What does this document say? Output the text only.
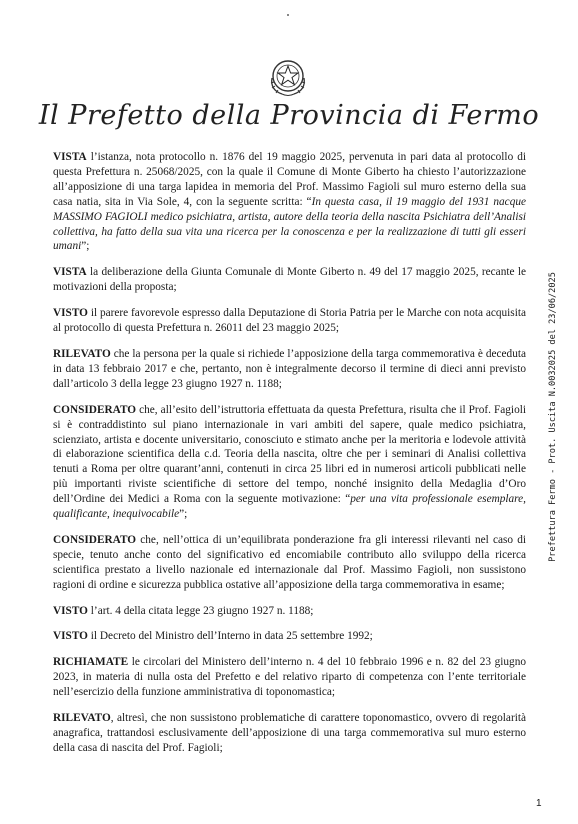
Il Prefetto della Provincia di Fermo

VISTA l’istanza, nota protocollo n. 1876 del 19 maggio 2025, pervenuta in pari data al protocollo di questa Prefettura n. 25068/2025, con la quale il Comune di Monte Giberto ha chiesto l’autorizzazione all’apposizione di una targa lapidea in memoria del Prof. Massimo Fagioli sul muro esterno della sua casa natia, sita in Via Sole, 4, con la seguente scritta: “In questa casa, il 19 maggio del 1931 nacque MASSIMO FAGIOLI medico psichiatra, artista, autore della teoria della nascita Psichiatra dell’Analisi collettiva, ha fatto della sua vita una ricerca per la conoscenza e per la realizzazione di tutti gli esseri umani”;

VISTA la deliberazione della Giunta Comunale di Monte Giberto n. 49 del 17 maggio 2025, recante le motivazioni della proposta;

VISTO il parere favorevole espresso dalla Deputazione di Storia Patria per le Marche con nota acquisita al protocollo di questa Prefettura n. 26011 del 23 maggio 2025;

RILEVATO che la persona per la quale si richiede l’apposizione della targa commemorativa è deceduta in data 13 febbraio 2017 e che, pertanto, non è integralmente decorso il termine di dieci anni previsto dall’articolo 3 della legge 23 giugno 1927 n. 1188;

CONSIDERATO che, all’esito dell’istruttoria effettuata da questa Prefettura, risulta che il Prof. Fagioli si è contraddistinto sul piano internazionale in vari ambiti del sapere, quale medico psichiatra, scienziato, artista e docente universitario, conosciuto e stimato anche per la meritoria e lodevole attività di elaborazione scientifica della c.d. Teoria della nascita, oltre che per i seminari di Analisi collettiva tenuti a Roma per oltre quarant’anni, contenuti in circa 25 libri ed in numerosi articoli pubblicati nelle più importanti riviste scientifiche di settore del tempo, nonché insignito della Medaglia d’Oro dell’Ordine dei Medici a Roma con la seguente motivazione: “per una vita professionale esemplare, qualificante, inequivocabile”;

CONSIDERATO che, nell’ottica di un’equilibrata ponderazione fra gli interessi rilevanti nel caso di specie, tenuto anche conto del significativo ed encomiabile contributo allo sviluppo della ricerca scientifica prestato a livello nazionale ed internazionale dal Prof. Massimo Fagioli, non sussistono ragioni di ordine e sicurezza pubblica ostative all’apposizione della targa commemorativa in esame;

VISTO l’art. 4 della citata legge 23 giugno 1927 n. 1188;

VISTO il Decreto del Ministro dell’Interno in data 25 settembre 1992;

RICHIAMATE le circolari del Ministero dell’interno n. 4 del 10 febbraio 1996 e n. 82 del 23 giugno 2023, in materia di nulla osta del Prefetto e del relativo riparto di competenza con l’ente territoriale nell’esercizio della funzione amministrativa di toponomastica;

RILEVATO, altresì, che non sussistono problematiche di carattere toponomastico, ovvero di regolarità anagrafica, trattandosi esclusivamente dell’apposizione di una targa commemorativa sul muro esterno della casa di nascita del Prof. Fagioli;

Prefettura Fermo - Prot. Uscita N.0032025 del 23/06/2025
1
